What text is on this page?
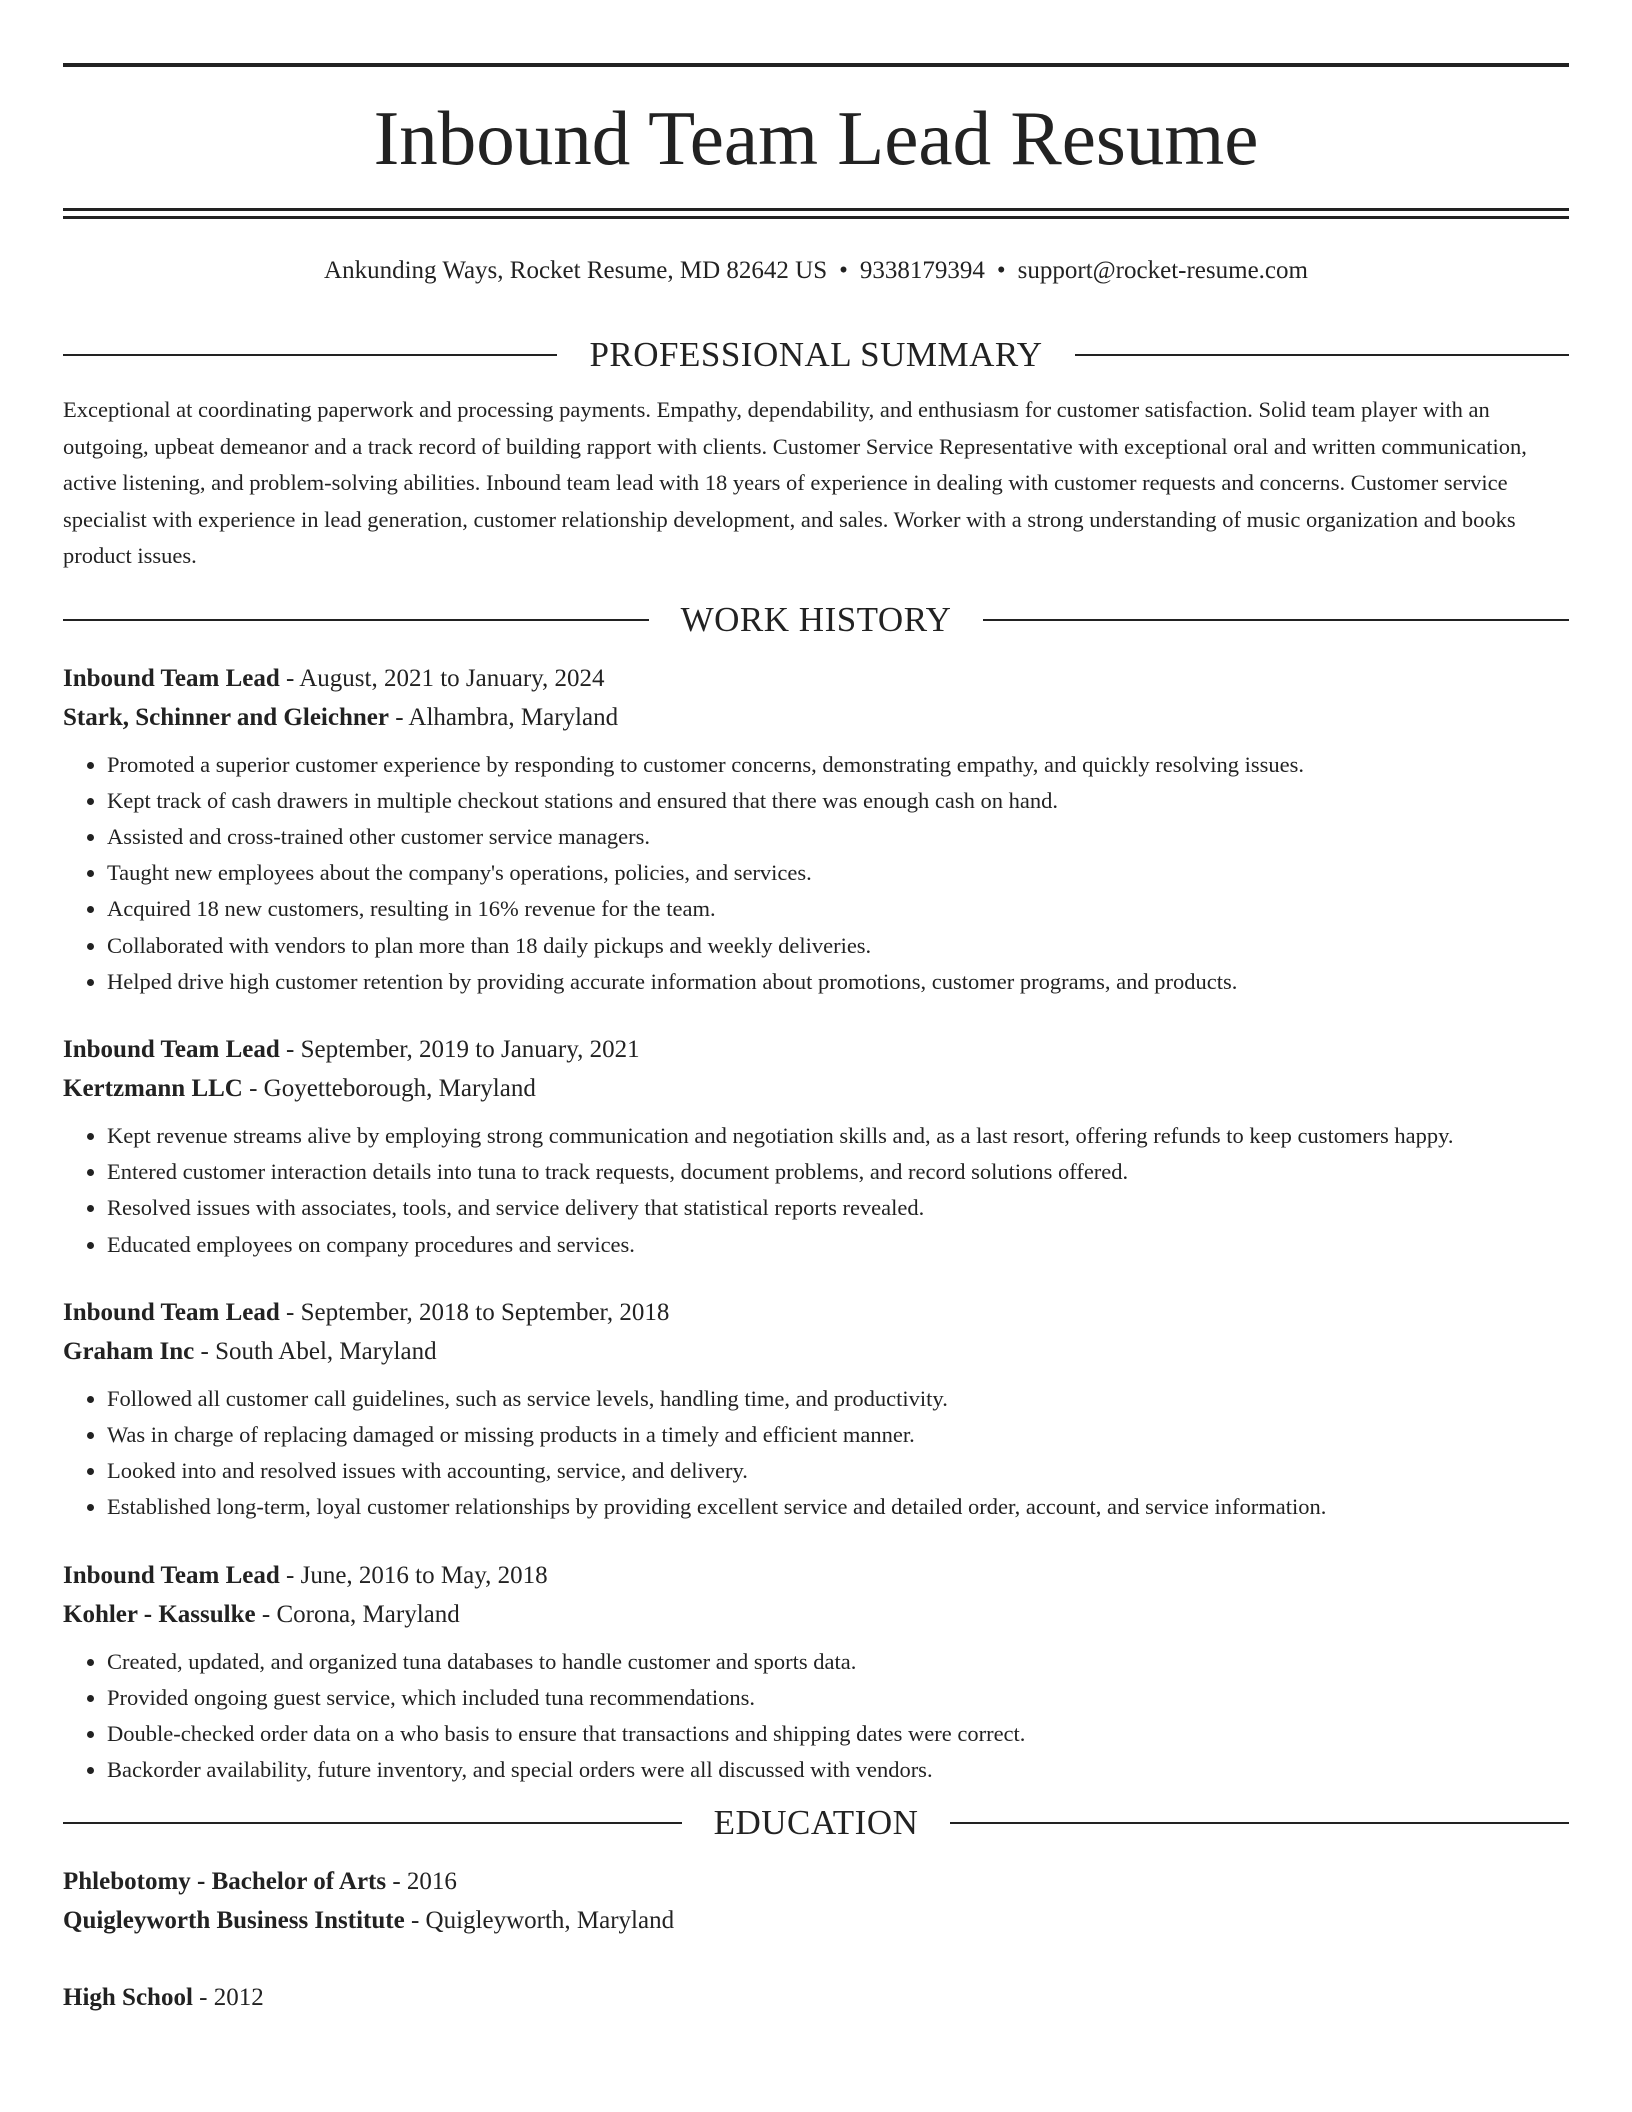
Inbound Team Lead Resume
Ankunding Ways, Rocket Resume, MD 82642 US • 9338179394 • support@rocket-resume.com
PROFESSIONAL SUMMARY

Exceptional at coordinating paperwork and processing payments. Empathy, dependability, and enthusiasm for customer satisfaction. Solid team player with an outgoing, upbeat demeanor and a track record of building rapport with clients. Customer Service Representative with exceptional oral and written communication, active listening, and problem-solving abilities. Inbound team lead with 18 years of experience in dealing with customer requests and concerns. Customer service specialist with experience in lead generation, customer relationship development, and sales. Worker with a strong understanding of music organization and books product issues.

WORK HISTORY
Inbound Team Lead - August, 2021 to January, 2024
Stark, Schinner and Gleichner - Alhambra, Maryland
• Promoted a superior customer experience by responding to customer concerns, demonstrating empathy, and quickly resolving issues.
• Kept track of cash drawers in multiple checkout stations and ensured that there was enough cash on hand.
• Assisted and cross-trained other customer service managers.
• Taught new employees about the company's operations, policies, and services.
• Acquired 18 new customers, resulting in 16% revenue for the team.
• Collaborated with vendors to plan more than 18 daily pickups and weekly deliveries.
• Helped drive high customer retention by providing accurate information about promotions, customer programs, and products.
Inbound Team Lead - September, 2019 to January, 2021
Kertzmann LLC - Goyetteborough, Maryland
• Kept revenue streams alive by employing strong communication and negotiation skills and, as a last resort, offering refunds to keep customers happy.
• Entered customer interaction details into tuna to track requests, document problems, and record solutions offered.
• Resolved issues with associates, tools, and service delivery that statistical reports revealed.
• Educated employees on company procedures and services.
Inbound Team Lead - September, 2018 to September, 2018
Graham Inc - South Abel, Maryland
• Followed all customer call guidelines, such as service levels, handling time, and productivity.
• Was in charge of replacing damaged or missing products in a timely and efficient manner.
• Looked into and resolved issues with accounting, service, and delivery.
• Established long-term, loyal customer relationships by providing excellent service and detailed order, account, and service information.
Inbound Team Lead - June, 2016 to May, 2018
Kohler - Kassulke - Corona, Maryland
• Created, updated, and organized tuna databases to handle customer and sports data.
• Provided ongoing guest service, which included tuna recommendations.
• Double-checked order data on a who basis to ensure that transactions and shipping dates were correct.
• Backorder availability, future inventory, and special orders were all discussed with vendors.
EDUCATION
Phlebotomy - Bachelor of Arts - 2016
Quigleyworth Business Institute - Quigleyworth, Maryland
High School - 2012
